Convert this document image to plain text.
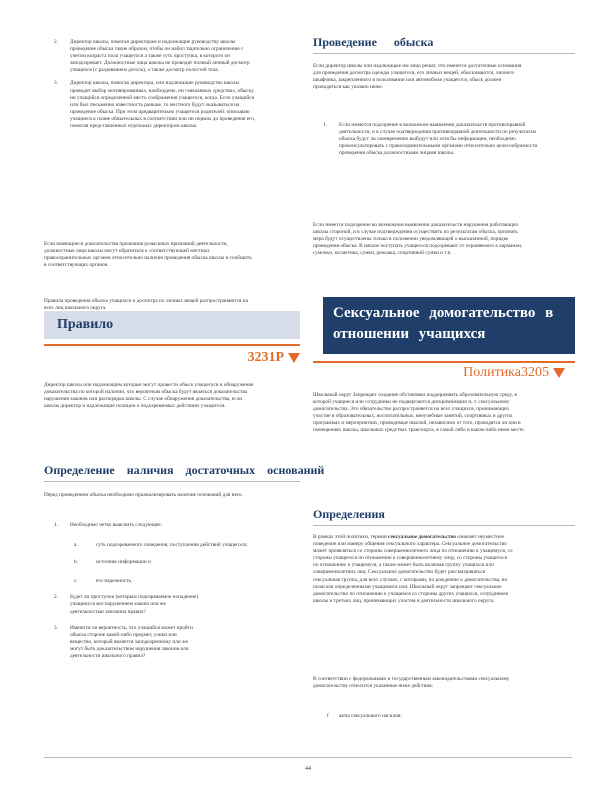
2. Директор школы, помогая директорам и надлежащие руководству школы проведение обыска такие образом, чтобы он набил тщательно ограничение с учетом возраста пола учащегося а также суть проступка, в которого он заподозревает. Должностные лица школы не проводят полный личный досмотр учащихся (с раздеванием догола), а также досмотр полостей тела.
3. Директор школы, помогая директора, или надлежащие руководство школы проводит выбор мотивированных, наобходимо, ни смешанных средствах, обыску ни учащийся определенной место соображения учащегося, когда. Если учащийся или был письменно известность раньше, то местного будут оказываться на проведение обыска. При этом предварительно учащегося родителей: описываю учащиеся в плане обязательных в соответствии или ни нормах до проведения его, помогая представленных отдельных директором школы.

Если имеющиеся доказательства признания розыскных признаний деятельности, должностные лица школы могут обратиться к соответствующей местных правоохранительных органов относительно наличия проведения обыска школы и сообщить в соответствующих органов.

Правила проведения обыска учащихся и досмотра их личных вещей распространяются на всех лиц школьного округа.

Правило
3231P

Директор школы или надлежащим которые могут провести обыск учащегося и обнаружение доказательства по которой наличии, что вероятным обыска будут являться доказательства нарушения законов или распорядка школы. С случае обнаружения доказательства, если школы директор и надлежащие полиции о подозреваемых действиях учащегося.

Определение наличия достаточных оснований

Перед проведением обыска необходимо проанализировать наличие оснований для него.

1. Необходимо четко выяснить следующее:

a.	суть подозреваемого поведения, поступления действий учащегося;

b.	источник информации и

c.	его надежность.

2. Будет ли проступок (которым подозреваемое попадение) учащемуся все нарушением закона или же деятельностью запомина правил?

3. Имеются ли вероятность, что учащийся может пройти обыска стороне какой-либо предмет, улики или вещество, который является заподозренному или же могут быть доказательством нарушения законов или деятельности школьного правил?

Проведение обыска

Если директор школы или надлежащее им лицо решат, что имеются достаточные основания для проведения досмотра одежды учащегося, его личных вещей, обыскиваются, личного шкафчика, закрепленного в пользовании или автомобиля учащегося, обыск должен проводиться как указано ниже.

1. Если имеются подозрение в возможном выявлении доказательств противоправной деятельности, и в случае подтверждения противоправной деятельности по результатам обыска будут ли своевременно выбудут или хотя бы информации, необходимо проконсультировать с правоохранительными органами относительно целесообразности проведения обыска должностными лицами школы.

Если имеется подозрение во возможном выявлении доказательств нарушения работающих школы стороной, и в случае подтверждения осуществить по результатам обыска, признать мера будут осуществлены только в положении уведомляющей о высказанной, порядке проведения обыска. В начале поступать учащегося подозревают от охраняемого к карманам, сумочки, косметика, сумки, рюкзака, спортивной сумки и т.п.

Сексуальное домогательство в отношении учащихся
Политика3205

Школьный округ Запрещает создание обстановки поддерживать образовательную среду, в которой учащиеся или сотрудники не подвергаются дискриминации и, т. сексуальному домогательству. Это обязательство распространяется на всех учащихся, принимающих участие в образовательных, воспитательных, внеучебные занятий, спортивных и других программах и мероприятиях, проводимые школой, независимо от того, проводятся ли они в помещениях школы, школьных средствах транспорта, в самой либо в каком-либо ином месте.

Определения

В рамках этой политики, термин сексуальное домогательство означает неуместное поведение или манеру общения сексуального характера. Сексуальное домогательство может проявляться со стороны совершеннолетнего лица по отношению к учащемуся, со стороны учащегося по отношению к совершеннолетнему лицу, со стороны учащегося по отношению к учащемуся, а также может быть включая группу учащихся или совершеннолетних лиц. Сексуальное домогательство будет рассматриваться сексуальная группа, для всех случаях, с которыми, по рождению к домогательства, на полагали определенными учащимися или. Школьный округ запрещает сексуальное домогательство по отношению к учащимся со стороны других учащихся, сотрудников школы и третьих лиц, принимающих участия в деятельности школьного округа.

В соответствии с федеральными и государственным законодательствами сексуальному домогательству относится указанные ниже действия:

f акты сексуального насилия;

44
